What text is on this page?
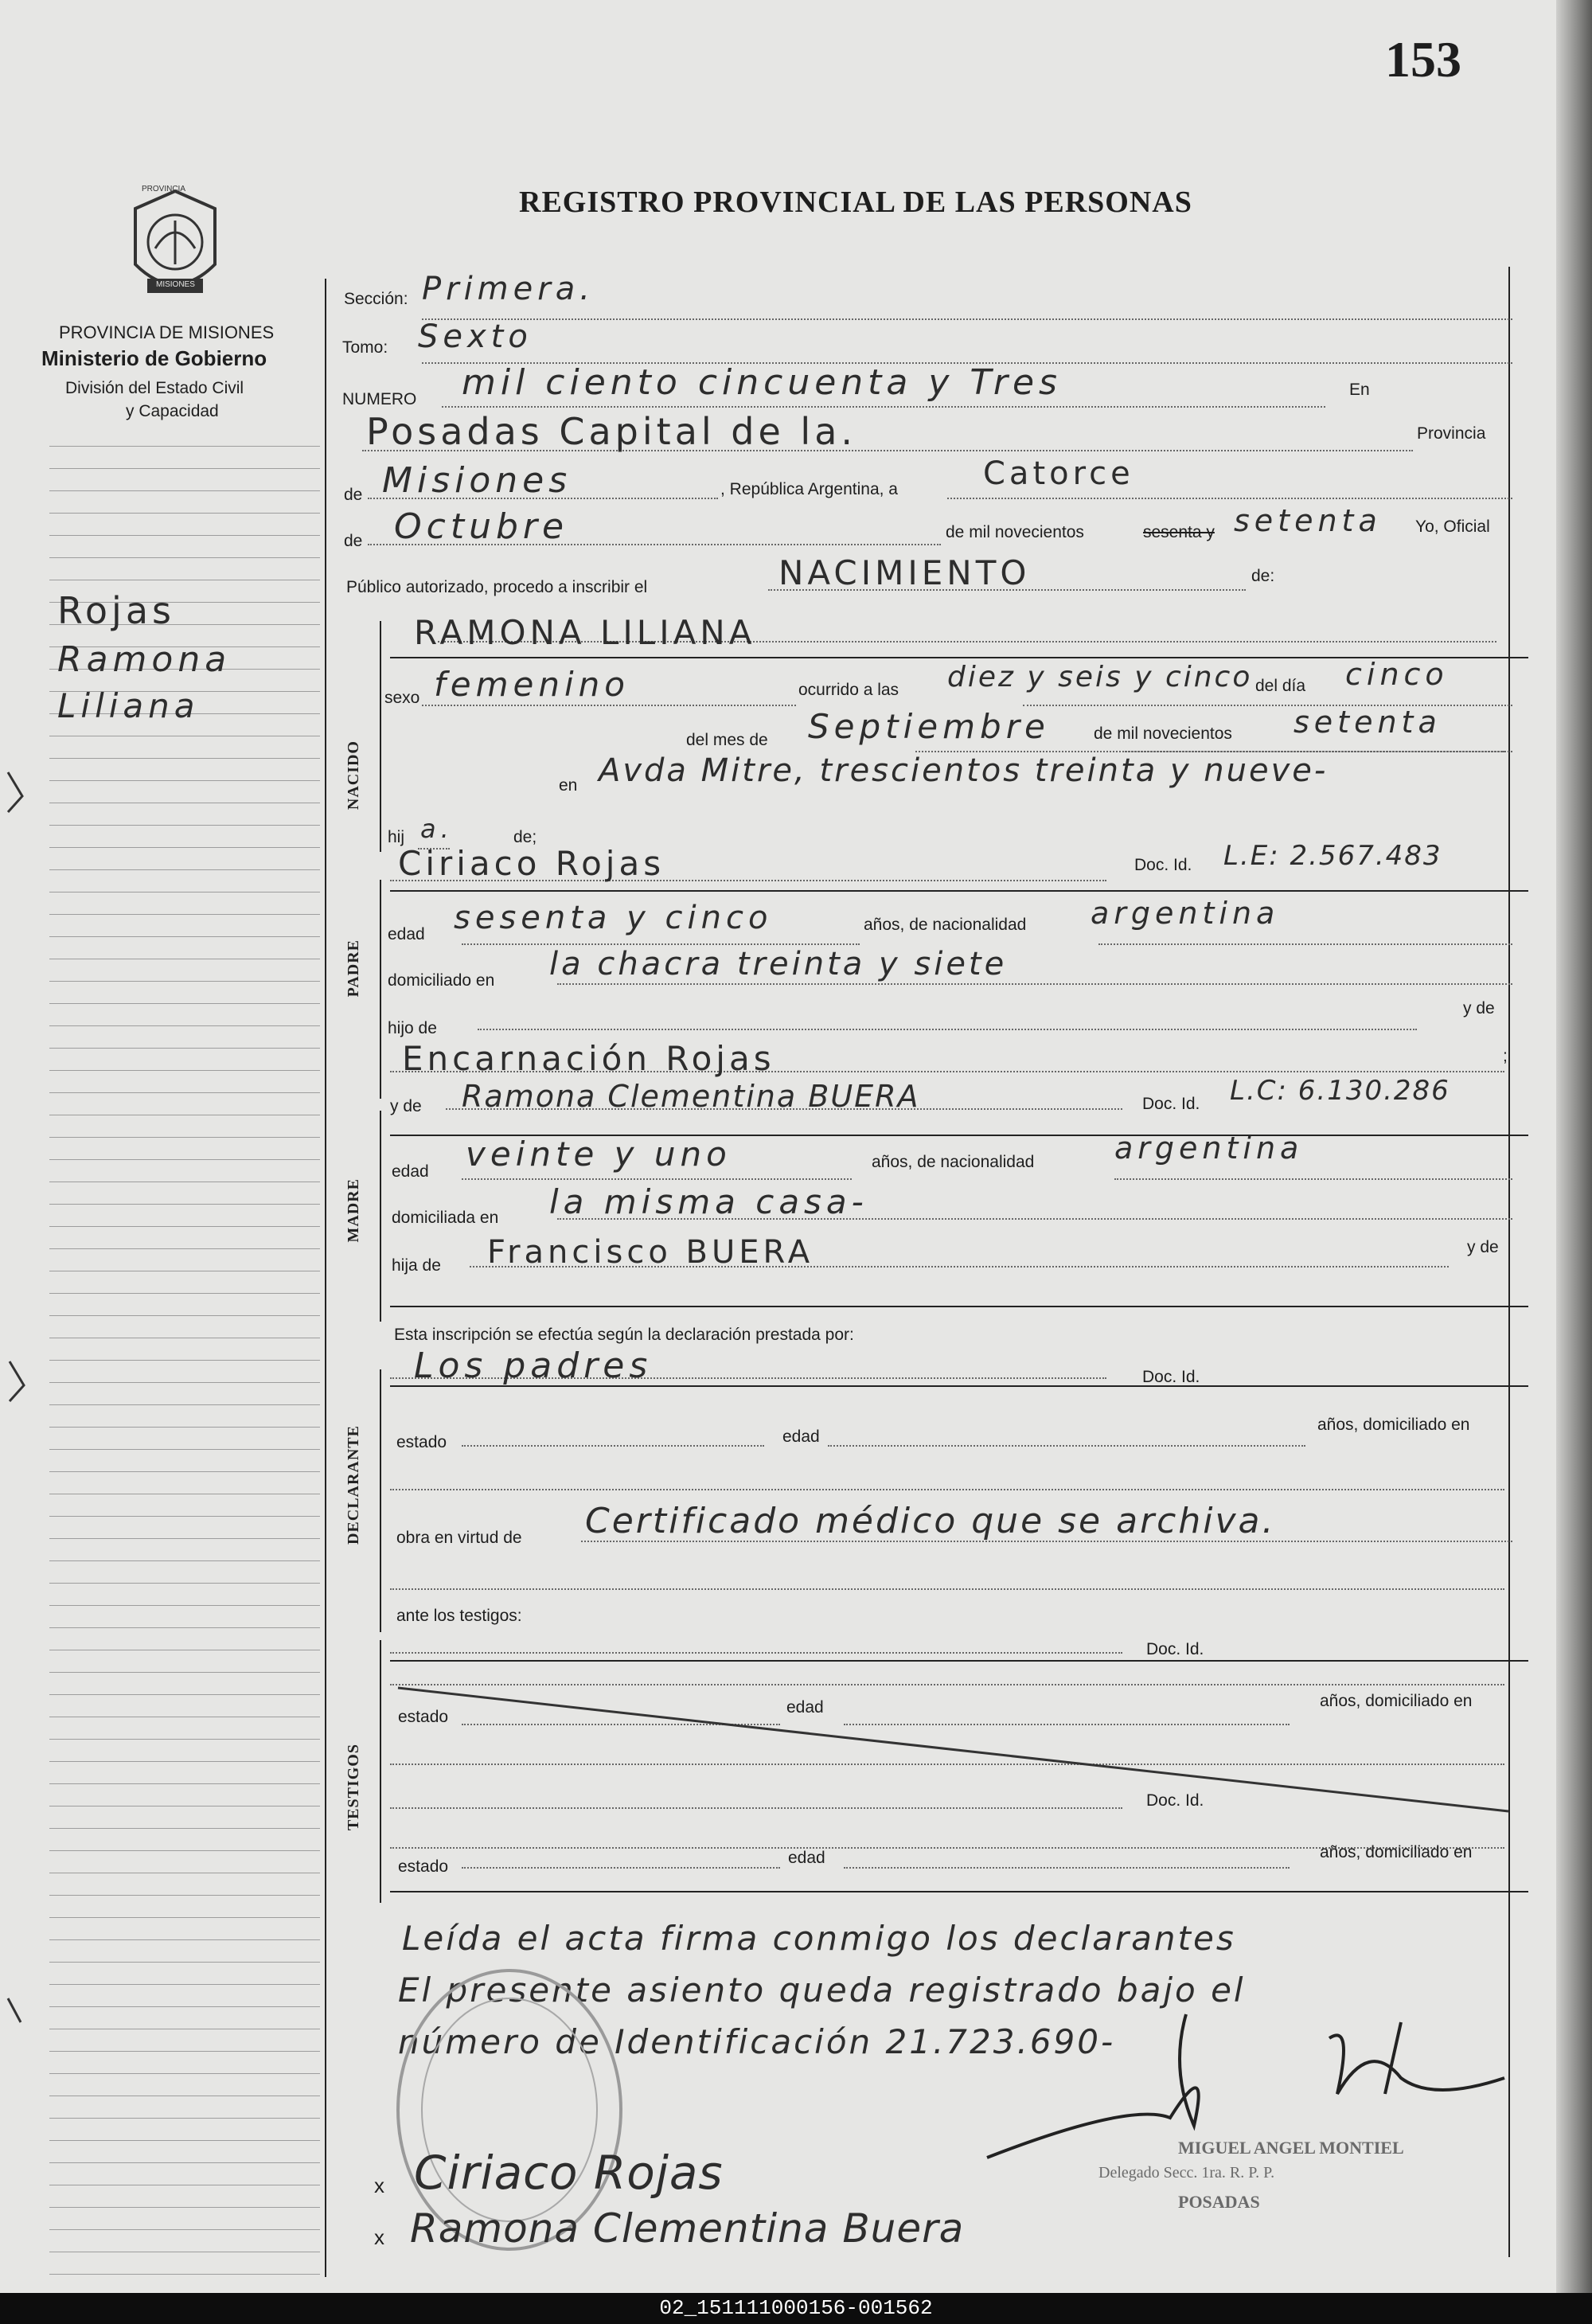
153
REGISTRO PROVINCIAL DE LAS PERSONAS
PROVINCIA
MISIONES
PROVINCIA DE MISIONES
Ministerio de Gobierno
División del Estado Civil
y Capacidad
Rojas
Ramona
Liliana
Sección: Primera.
Tomo: Sexto
NUMERO mil ciento cincuenta y Tres	En
Posadas Capital de la.	Provincia
de Misiones	, República Argentina, a	Catorce
de Octubre	de mil novecientos	sesenta y setenta Yo, Oficial
Público autorizado, procedo a inscribir el	NACIMIENTO	de:
NACIDO
RAMONA LILIANA
sexo femenino	ocurrido a las diez y seis y cinco del día cinco
del mes de Septiembre	de mil novecientos setenta
en Avda Mitre, trescientos treinta y nueve-
hij a.	de;
PADRE
Ciriaco Rojas	Doc. Id. L.E: 2.567.483
edad sesenta y cinco	años, de nacionalidad argentina
domiciliado en la chacra treinta y siete
hijo de
y de
Encarnación Rojas	;
y de Ramona Clementina BUERA	Doc. Id. L.C: 6.130.286
MADRE
edad veinte y uno	años, de nacionalidad	argentina
domiciliada en la misma casa-
hija de Francisco BUERA	y de
Esta inscripción se efectúa según la declaración prestada por:
DECLARANTE
Los padres	Doc. Id.
estado	edad
años, domiciliado en
obra en virtud de Certificado médico que se archiva.
ante los testigos:
Doc. Id.
TESTIGOS
estado
edad	años, domiciliado en
Doc. Id.
estado	edad	años, domiciliado en
Leída el acta firma conmigo los declarantes
El presente asiento queda registrado bajo el
número de Identificación 21.723.690-
MIGUEL ANGEL MONTIEL
Delegado Secc. 1ra. R. P. P.
POSADAS
x Ciriaco Rojas
x Ramona Clementina Buera
02_151111000156-001562
